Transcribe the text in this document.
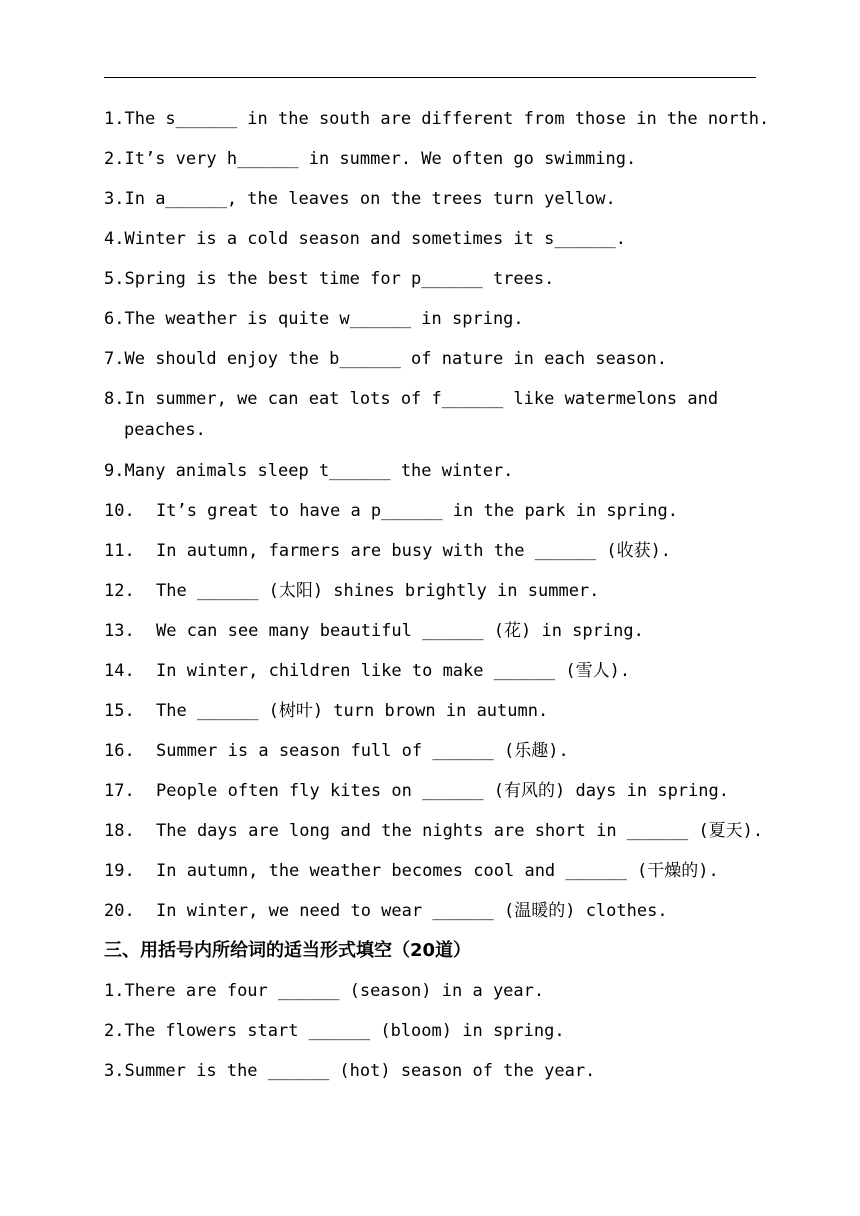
1.The s______ in the south are different from those in the north.
2.It’s very h______ in summer. We often go swimming.
3.In a______, the leaves on the trees turn yellow.
4.Winter is a cold season and sometimes it s______.
5.Spring is the best time for p______ trees.
6.The weather is quite w______ in spring.
7.We should enjoy the b______ of nature in each season.
8.In summer, we can eat lots of f______ like watermelons and peaches.
9.Many animals sleep t______ the winter.
10. It’s great to have a p______ in the park in spring.
11. In autumn, farmers are busy with the ______ (收获).
12. The ______ (太阳) shines brightly in summer.
13. We can see many beautiful ______ (花) in spring.
14. In winter, children like to make ______ (雪人).
15. The ______ (树叶) turn brown in autumn.
16. Summer is a season full of ______ (乐趣).
17. People often fly kites on ______ (有风的) days in spring.
18. The days are long and the nights are short in ______ (夏天).
19. In autumn, the weather becomes cool and ______ (干燥的).
20. In winter, we need to wear ______ (温暖的) clothes.
三、用括号内所给词的适当形式填空（20道）
1.There are four ______ (season) in a year.
2.The flowers start ______ (bloom) in spring.
3.Summer is the ______ (hot) season of the year.
